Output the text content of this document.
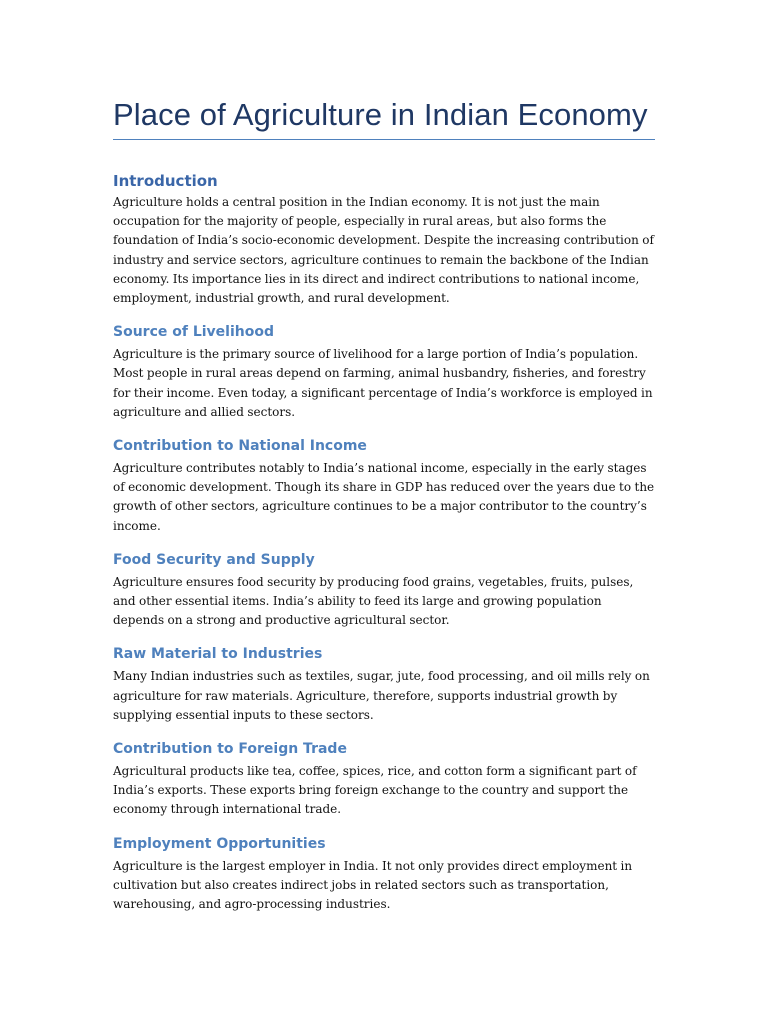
Place of Agriculture in Indian Economy
Introduction

Agriculture holds a central position in the Indian economy. It is not just the main occupation for the majority of people, especially in rural areas, but also forms the foundation of India’s socio-economic development. Despite the increasing contribution of industry and service sectors, agriculture continues to remain the backbone of the Indian economy. Its importance lies in its direct and indirect contributions to national income, employment, industrial growth, and rural development.

Source of Livelihood

Agriculture is the primary source of livelihood for a large portion of India’s population. Most people in rural areas depend on farming, animal husbandry, fisheries, and forestry for their income. Even today, a significant percentage of India’s workforce is employed in agriculture and allied sectors.

Contribution to National Income

Agriculture contributes notably to India’s national income, especially in the early stages of economic development. Though its share in GDP has reduced over the years due to the growth of other sectors, agriculture continues to be a major contributor to the country’s income.

Food Security and Supply

Agriculture ensures food security by producing food grains, vegetables, fruits, pulses, and other essential items. India’s ability to feed its large and growing population depends on a strong and productive agricultural sector.

Raw Material to Industries

Many Indian industries such as textiles, sugar, jute, food processing, and oil mills rely on agriculture for raw materials. Agriculture, therefore, supports industrial growth by supplying essential inputs to these sectors.

Contribution to Foreign Trade

Agricultural products like tea, coffee, spices, rice, and cotton form a significant part of India’s exports. These exports bring foreign exchange to the country and support the economy through international trade.

Employment Opportunities

Agriculture is the largest employer in India. It not only provides direct employment in cultivation but also creates indirect jobs in related sectors such as transportation, warehousing, and agro-processing industries.
